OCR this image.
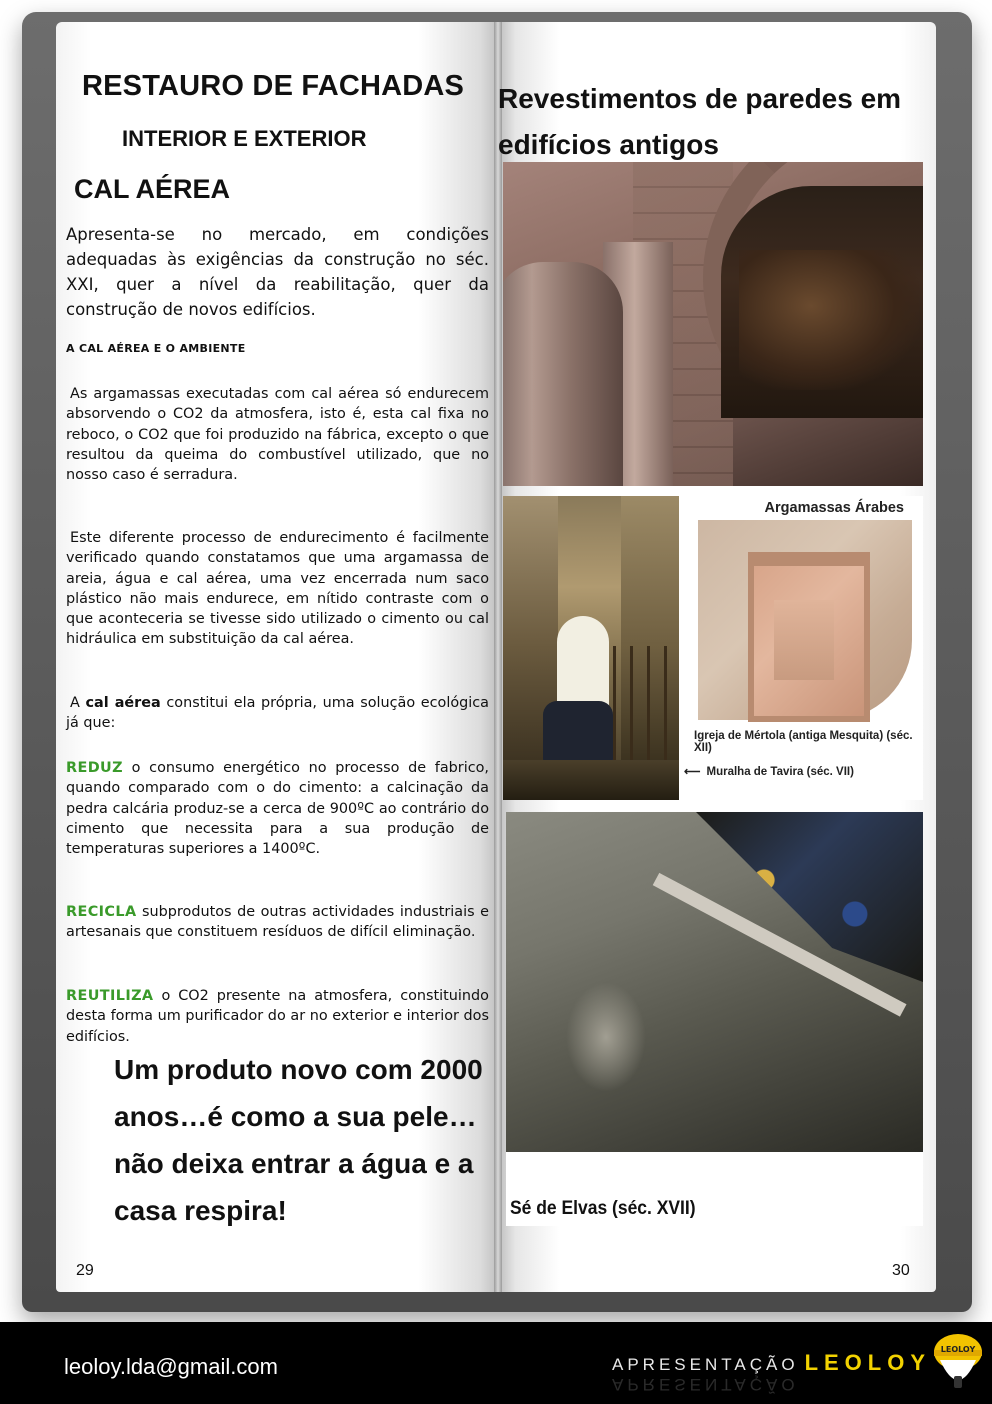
RESTAURO DE FACHADAS
INTERIOR E EXTERIOR
CAL AÉREA

Apresenta-se no mercado, em condições adequadas às exigências da construção no séc. XXI, quer a nível da reabilitação, quer da construção de novos edifícios.

A CAL AÉREA E O AMBIENTE

As argamassas executadas com cal aérea só endurecem absorvendo o CO2 da atmosfera, isto é, esta cal fixa no reboco, o CO2 que foi produzido na fábrica, excepto o que resultou da queima do combustível utilizado, que no nosso caso é serradura.

Este diferente processo de endurecimento é facilmente verificado quando constatamos que uma argamassa de areia, água e cal aérea, uma vez encerrada num saco plástico não mais endurece, em nítido contraste com o que aconteceria se tivesse sido utilizado o cimento ou cal hidráulica em substituição da cal aérea.

A cal aérea constitui ela própria, uma solução ecológica já que:

REDUZ o consumo energético no processo de fabrico, quando comparado com o do cimento: a calcinação da pedra calcária produz-se a cerca de 900ºC ao contrário do cimento que necessita para a sua produção de temperaturas superiores a 1400ºC.

RECICLA subprodutos de outras actividades industriais e artesanais que constituem resíduos de difícil eliminação.

REUTILIZA o CO2 presente na atmosfera, constituindo desta forma um purificador do ar no exterior e interior dos edifícios.

Um produto novo com 2000 anos…é como a sua pele…não deixa entrar a água e a casa respira!

29
Revestimentos de paredes em edifícios antigos
Argamassas Árabes
Igreja de Mértola (antiga Mesquita) (séc. XII)
⟵ Muralha de Tavira (séc. VII)
Sé de Elvas (séc. XVII)
30

leoloy.lda@gmail.com	APRESENTAÇÃO LEOLOY
APRESENTAÇÃO
LEOLOY
